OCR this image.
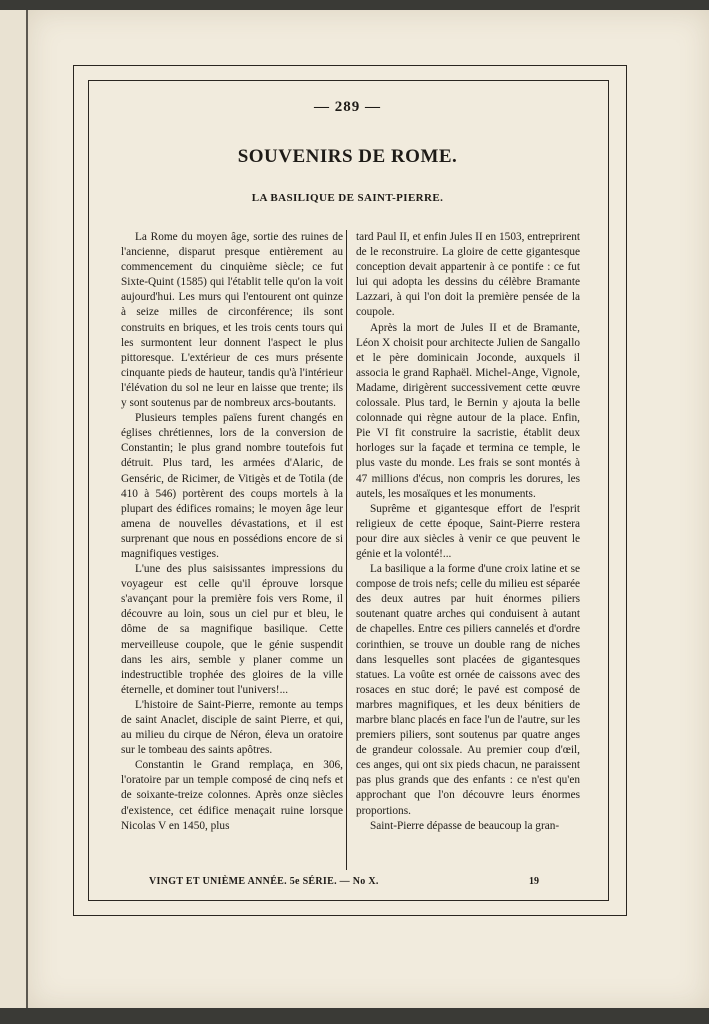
— 289 —
SOUVENIRS DE ROME.
LA BASILIQUE DE SAINT-PIERRE.

La Rome du moyen âge, sortie des ruines de l'ancienne, disparut presque entièrement au commencement du cinquième siècle; ce fut Sixte-Quint (1585) qui l'établit telle qu'on la voit aujourd'hui. Les murs qui l'entourent ont quinze à seize milles de circonférence; ils sont construits en briques, et les trois cents tours qui les surmontent leur donnent l'aspect le plus pittoresque. L'extérieur de ces murs présente cinquante pieds de hauteur, tandis qu'à l'intérieur l'élévation du sol ne leur en laisse que trente; ils y sont soutenus par de nombreux arcs-boutants.

Plusieurs temples païens furent changés en églises chrétiennes, lors de la conversion de Constantin; le plus grand nombre toutefois fut détruit. Plus tard, les armées d'Alaric, de Genséric, de Ricimer, de Vitigès et de Totila (de 410 à 546) portèrent des coups mortels à la plupart des édifices romains; le moyen âge leur amena de nouvelles dévastations, et il est surprenant que nous en possédions encore de si magnifiques vestiges.

L'une des plus saisissantes impressions du voyageur est celle qu'il éprouve lorsque s'avançant pour la première fois vers Rome, il découvre au loin, sous un ciel pur et bleu, le dôme de sa magnifique basilique. Cette merveilleuse coupole, que le génie suspendit dans les airs, semble y planer comme un indestructible trophée des gloires de la ville éternelle, et dominer tout l'univers!...

L'histoire de Saint-Pierre, remonte au temps de saint Anaclet, disciple de saint Pierre, et qui, au milieu du cirque de Néron, éleva un oratoire sur le tombeau des saints apôtres.

Constantin le Grand remplaça, en 306, l'oratoire par un temple composé de cinq nefs et de soixante-treize colonnes. Après onze siècles d'existence, cet édifice menaçait ruine lorsque Nicolas V en 1450, plus

tard Paul II, et enfin Jules II en 1503, entreprirent de le reconstruire. La gloire de cette gigantesque conception devait appartenir à ce pontife : ce fut lui qui adopta les dessins du célèbre Bramante Lazzari, à qui l'on doit la première pensée de la coupole.

Après la mort de Jules II et de Bramante, Léon X choisit pour architecte Julien de Sangallo et le père dominicain Joconde, auxquels il associa le grand Raphaël. Michel-Ange, Vignole, Madame, dirigèrent successivement cette œuvre colossale. Plus tard, le Bernin y ajouta la belle colonnade qui règne autour de la place. Enfin, Pie VI fit construire la sacristie, établit deux horloges sur la façade et termina ce temple, le plus vaste du monde. Les frais se sont montés à 47 millions d'écus, non compris les dorures, les autels, les mosaïques et les monuments.

Suprême et gigantesque effort de l'esprit religieux de cette époque, Saint-Pierre restera pour dire aux siècles à venir ce que peuvent le génie et la volonté!...

La basilique a la forme d'une croix latine et se compose de trois nefs; celle du milieu est séparée des deux autres par huit énormes piliers soutenant quatre arches qui conduisent à autant de chapelles. Entre ces piliers cannelés et d'ordre corinthien, se trouve un double rang de niches dans lesquelles sont placées de gigantesques statues. La voûte est ornée de caissons avec des rosaces en stuc doré; le pavé est composé de marbres magnifiques, et les deux bénitiers de marbre blanc placés en face l'un de l'autre, sur les premiers piliers, sont soutenus par quatre anges de grandeur colossale. Au premier coup d'œil, ces anges, qui ont six pieds chacun, ne paraissent pas plus grands que des enfants : ce n'est qu'en approchant que l'on découvre leurs énormes proportions.

Saint-Pierre dépasse de beaucoup la gran-

VINGT ET UNIÈME ANNÉE. 5e SÉRIE. — No X.	19
